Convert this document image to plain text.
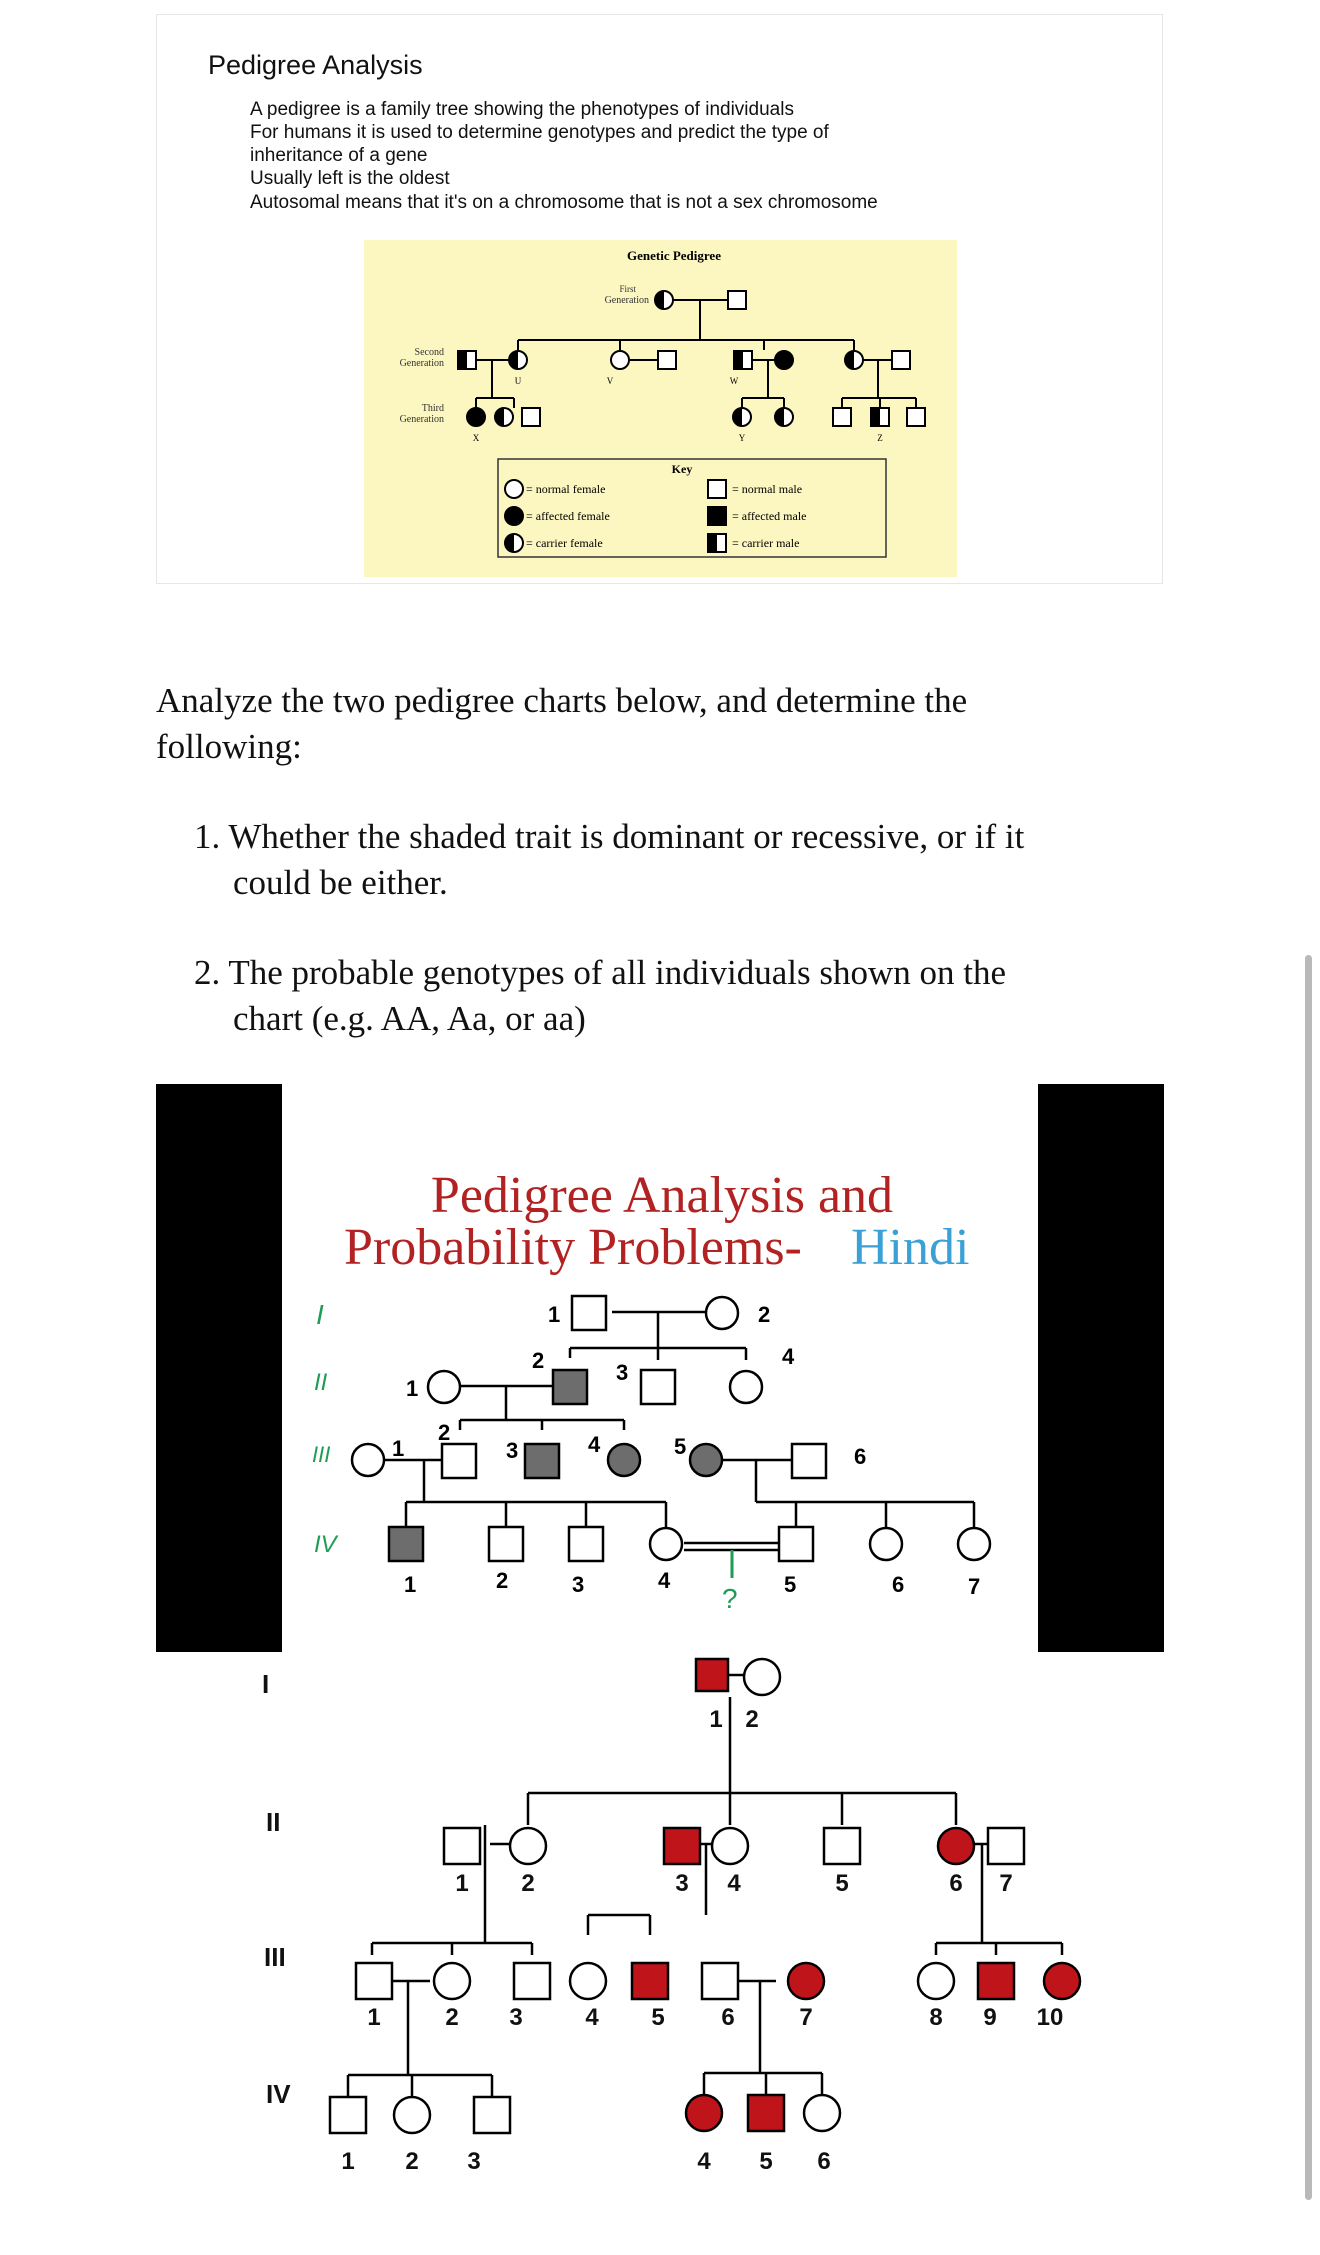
Pedigree Analysis
A pedigree is a family tree showing the phenotypes of individuals
For humans it is used to determine genotypes and predict the type of
inheritance of a gene
Usually left is the oldest
Autosomal means that it's on a chromosome that is not a sex chromosome
Genetic Pedigree
First
Generation
Second
Generation
Third
Generation
U	V	W
X	Y	Z
Key
= normal female
= affected female
= carrier female
= normal male
= affected male
= carrier male
Analyze the two pedigree charts below, and determine the
following:
1. Whether the shaded trait is dominant or recessive, or if it
could be either.
2. The probable genotypes of all individuals shown on the
chart (e.g. AA, Aa, or aa)
Pedigree Analysis and
Probability Problems- Hindi
I
II
III
IV
1	2
1
2	3
4
1
2
3	4	5	6
1	2	3	4	5	6	7
?
I
II
III
IV
1 2
1 2	3 4	5	6 7
1	2 3	4 5 6	7	8 9 10
1 2 3	4 5 6
